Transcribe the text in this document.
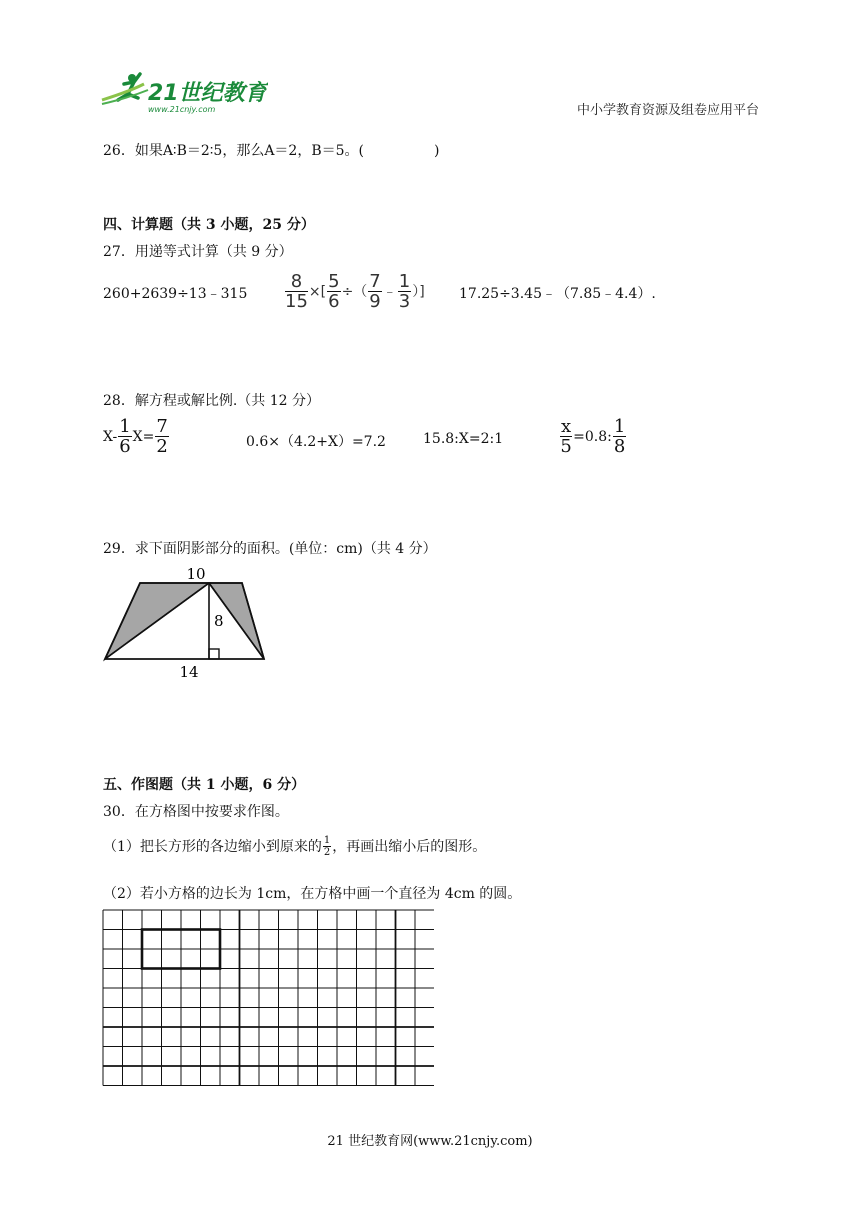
21世纪教育
www.21cnjy.com	中小学教育资源及组卷应用平台
26．如果A∶B＝2∶5，那么A＝2，B＝5。(　　　　　)
四、计算题（共 3 小题，25 分）
27．用递等式计算（共 9 分）
260+2639÷13﹣315 $\frac{8}{15}$ ×[ $\frac{5}{6}$ ÷（ $\frac{7}{9}$ ﹣ $\frac{1}{3}$ ）] 17.25÷3.45﹣（7.85﹣4.4）.
28．解方程或解比例.（共 12 分）
$X- \frac{1}{6} X= \frac{7}{2}$	0.6×（4.2+X）=7.2	15.8:X=2:1	$\frac{x}{5} =0.8$: $\frac{1}{8}$
29．求下面阴影部分的面积。(单位：cm)（共 4 分）
10
8
14
五、作图题（共 1 小题，6 分）
30．在方格图中按要求作图。
（1）把长方形的各边缩小到原来的 $\frac{1}{2}$ ，再画出缩小后的图形。
（2）若小方格的边长为 1cm，在方格中画一个直径为 4cm 的圆。
21 世纪教育网(www.21cnjy.com)
